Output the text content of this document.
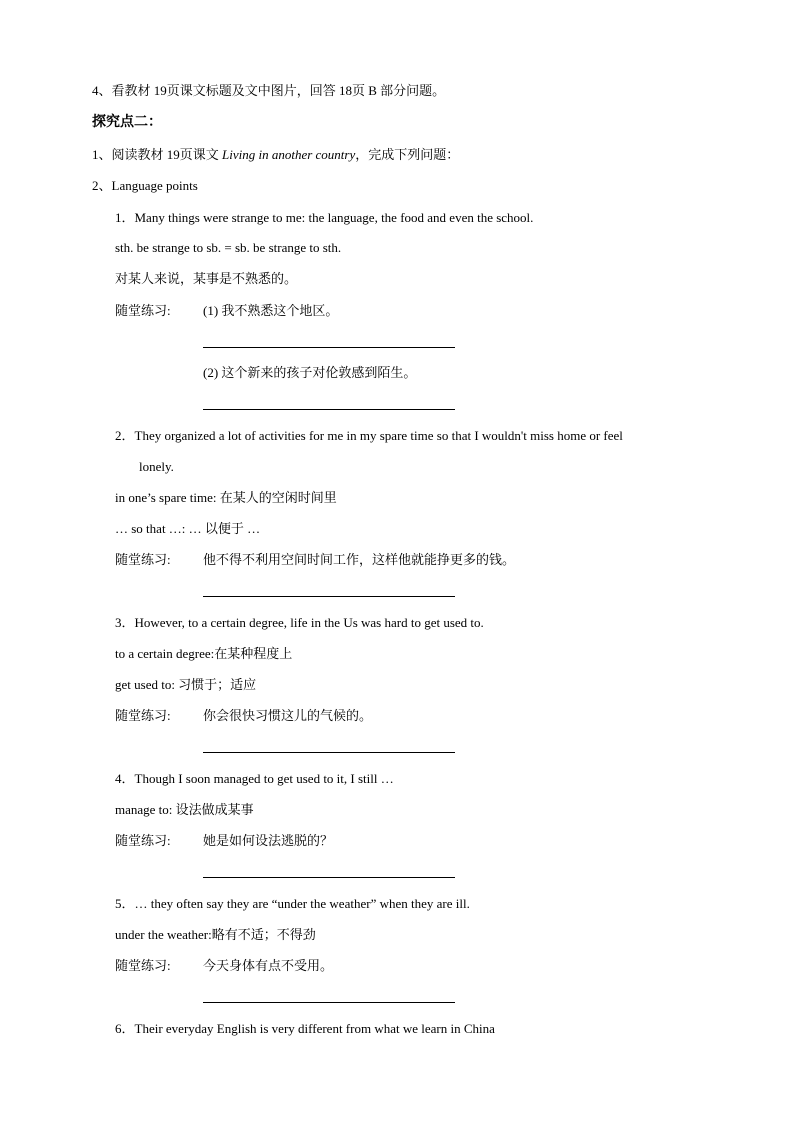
4、看教材 19页课文标题及文中图片，回答 18页 B 部分问题。
探究点二：
1、阅读教材 19页课文 Living in another country，完成下列问题：
2、Language points
1．Many things were strange to me: the language, the food and even the school.
sth. be strange to sb. = sb. be strange to sth.
对某人来说，某事是不熟悉的。
随堂练习: (1) 我不熟悉这个地区。
(2) 这个新来的孩子对伦敦感到陌生。
2．They organized a lot of activities for me in my spare time so that I wouldn't miss home or feel
lonely.
in one’s spare time: 在某人的空闲时间里
… so that …: … 以便于 …
随堂练习: 他不得不利用空间时间工作，这样他就能挣更多的钱。
3．However, to a certain degree, life in the Us was hard to get used to.
to a certain degree:在某种程度上
get used to: 习惯于；适应
随堂练习: 你会很快习惯这儿的气候的。
4．Though I soon managed to get used to it, I still …
manage to: 设法做成某事
随堂练习: 她是如何设法逃脱的？
5．… they often say they are “under the weather” when they are ill.
under the weather:略有不适；不得劲
随堂练习: 今天身体有点不受用。
6．Their everyday English is very different from what we learn in China
